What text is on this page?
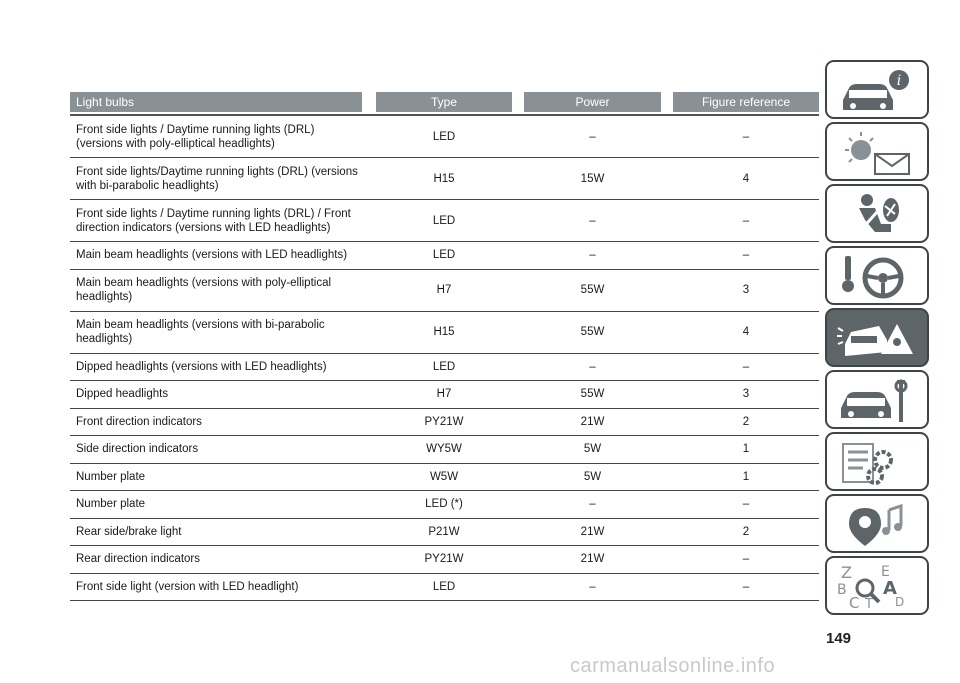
Light bulbs	Type	Power	Figure reference
Front side lights / Daytime running lights (DRL)
(versions with poly-elliptical headlights)
LED	–	–
Front side lights/Daytime running lights (DRL) (versions
with bi-parabolic headlights)
H15	15W	4
Front side lights / Daytime running lights (DRL) / Front
direction indicators (versions with LED headlights)
LED	–	–
Main beam headlights (versions with LED headlights)	LED	–	–
Main beam headlights (versions with poly-elliptical
headlights)
H7	55W	3
Main beam headlights (versions with bi-parabolic
headlights)
H15	55W	4
Dipped headlights (versions with LED headlights)	LED	–	–
Dipped headlights	H7	55W	3
Front direction indicators	PY21W	21W	2
Side direction indicators	WY5W	5W	1
Number plate	W5W	5W	1
Number plate	LED (*)	–	–
Rear side/brake light	P21W	21W	2
Rear direction indicators	PY21W	21W	–
Front side light (version with LED headlight)	LED	–	–
i
Z E
A
B
C T D
149
carmanualsonline.info
